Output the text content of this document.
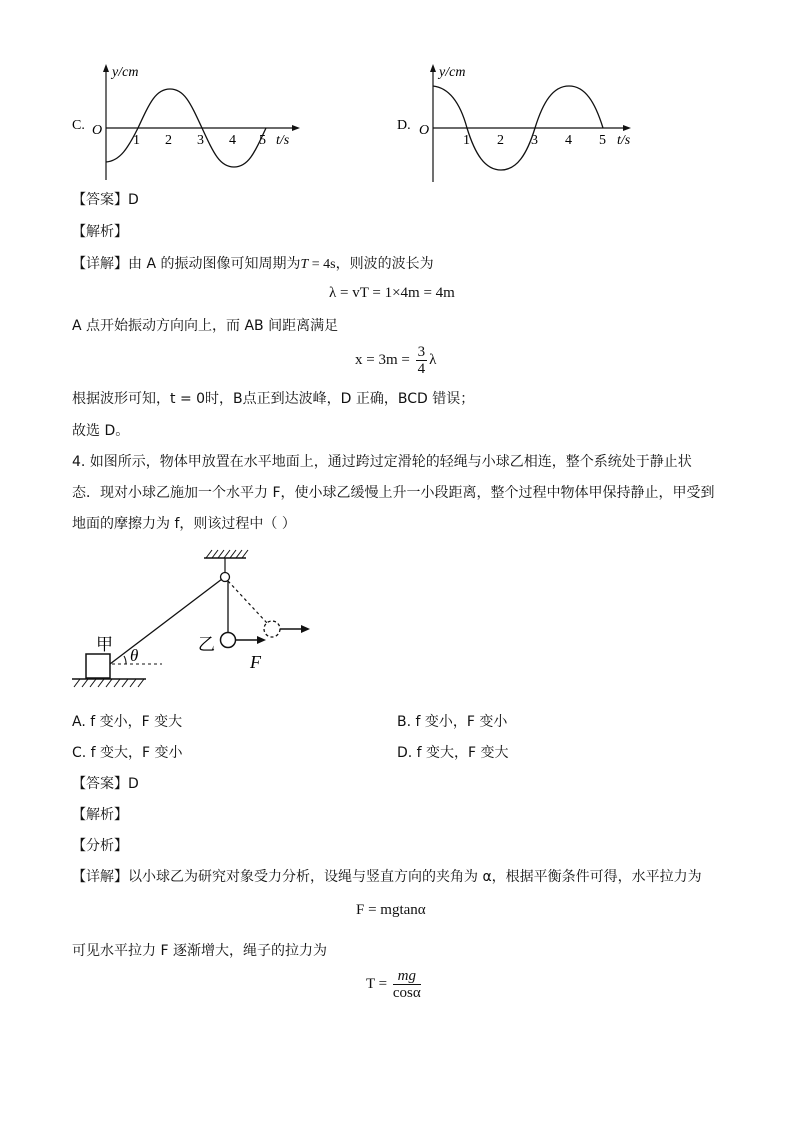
C.
y/cm
O
t/s
1 2 3 4 5
D.
y/cm
O
t/s
1 2 3 4 5
【答案】D
【解析】
【详解】由 A 的振动图像可知周期为T = 4s，则波的波长为
λ = vT = 1×4m = 4m
A 点开始振动方向向上，而 AB 间距离满足
$x = 3m = \frac{3}{4}$ λ
根据波形可知，t = 0时，B点正到达波峰，D 正确，BCD 错误；
故选 D。
4. 如图所示，物体甲放置在水平地面上，通过跨过定滑轮的轻绳与小球乙相连，整个系统处于静止状
态．现对小球乙施加一个水平力 F，使小球乙缓慢上升一小段距离，整个过程中物体甲保持静止，甲受到
地面的摩擦力为 f，则该过程中（ ）
F
乙
甲
θ
A. f 变小，F 变大	B. f 变小，F 变小
C. f 变大，F 变小	D. f 变大，F 变大
【答案】D
【解析】
【分析】
【详解】以小球乙为研究对象受力分析，设绳与竖直方向的夹角为 α，根据平衡条件可得，水平拉力为
F = mgtanα
可见水平拉力 F 逐渐增大，绳子的拉力为
$T = \frac{mg}{\cos\alpha}$
